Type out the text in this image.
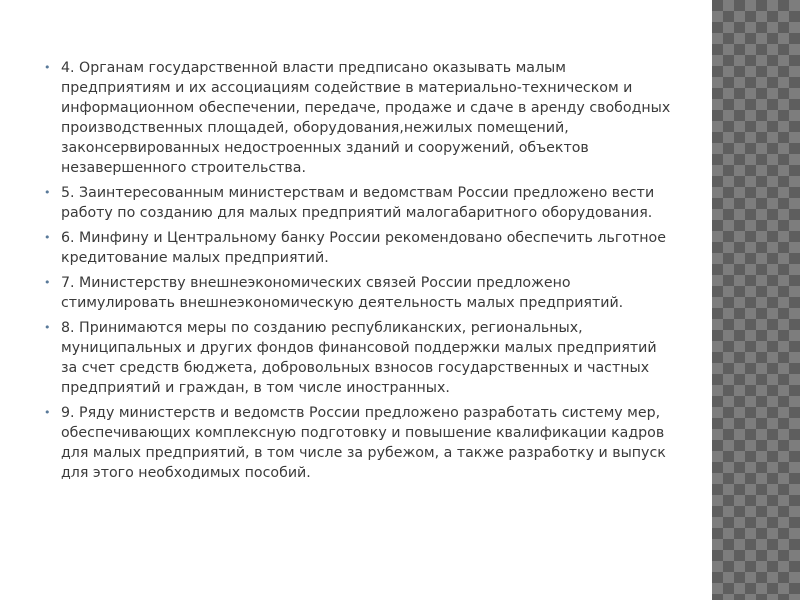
• 4. Органам государственной власти предписано оказывать малым предприятиям и их ассоциациям содействие в материально-техническом и информационном обеспечении, передаче, продаже и сдаче в аренду свободных производственных площадей, оборудования,нежилых помещений, законсервированных недостроенных зданий и сооружений, объектов незавершенного строительства.
• 5. Заинтересованным министерствам и ведомствам России предложено вести работу по созданию для малых предприятий малогабаритного оборудования.
• 6. Минфину и Центральному банку России рекомендовано обеспечить льготное кредитование малых предприятий.
• 7. Министерству внешнеэкономических связей России предложено стимулировать внешнеэкономическую деятельность малых предприятий.
• 8. Принимаются меры по созданию республиканских, региональных, муниципальных и других фондов финансовой поддержки малых предприятий за счет средств бюджета, добровольных взносов государственных и частных предприятий и граждан, в том числе иностранных.
• 9. Ряду министерств и ведомств России предложено разработать систему мер, обеспечивающих комплексную подготовку и повышение квалификации кадров для малых предприятий, в том числе за рубежом, а также разработку и выпуск для этого необходимых пособий.
